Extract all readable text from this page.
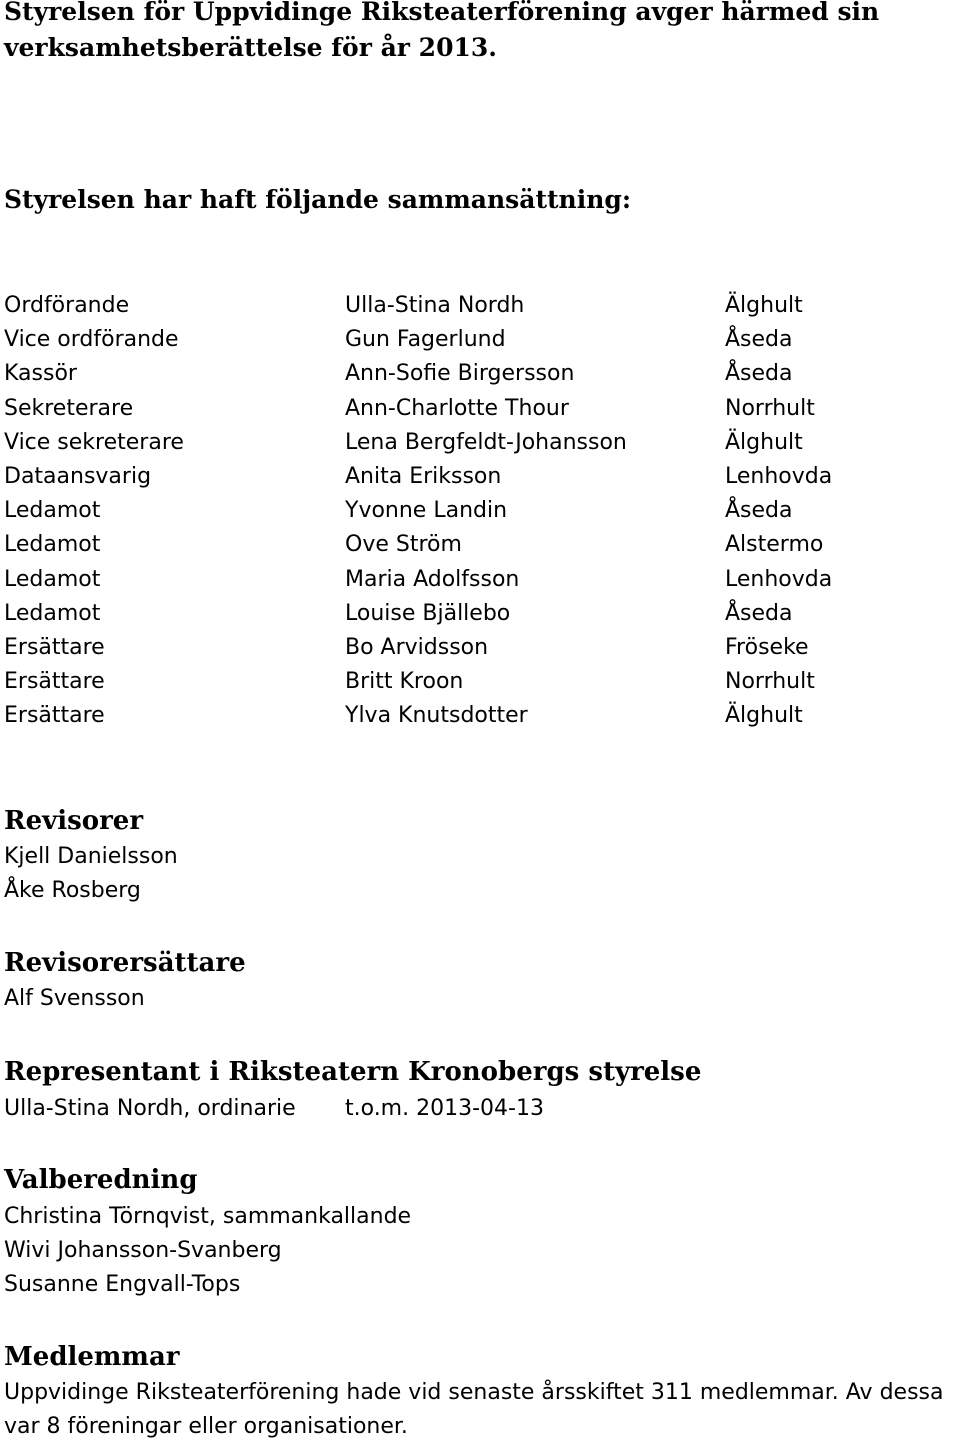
Styrelsen för Uppvidinge Riksteaterförening avger härmed sin
verksamhetsberättelse för år 2013.
Styrelsen har haft följande sammansättning:
Ordförande	Ulla-Stina Nordh	Älghult
Vice ordförande	Gun Fagerlund	Åseda
Kassör	Ann-Sofie Birgersson	Åseda
Sekreterare	Ann-Charlotte Thour	Norrhult
Vice sekreterare	Lena Bergfeldt-Johansson	Älghult
Dataansvarig	Anita Eriksson	Lenhovda
Ledamot	Yvonne Landin	Åseda
Ledamot	Ove Ström	Alstermo
Ledamot	Maria Adolfsson	Lenhovda
Ledamot	Louise Bjällebo	Åseda
Ersättare	Bo Arvidsson	Fröseke
Ersättare	Britt Kroon	Norrhult
Ersättare	Ylva Knutsdotter	Älghult
Revisorer
Kjell Danielsson
Åke Rosberg
Revisorersättare
Alf Svensson
Representant i Riksteatern Kronobergs styrelse
Ulla-Stina Nordh, ordinarie	t.o.m. 2013-04-13
Valberedning
Christina Törnqvist, sammankallande
Wivi Johansson-Svanberg
Susanne Engvall-Tops
Medlemmar
Uppvidinge Riksteaterförening hade vid senaste årsskiftet 311 medlemmar. Av dessa var 8 föreningar eller organisationer.
